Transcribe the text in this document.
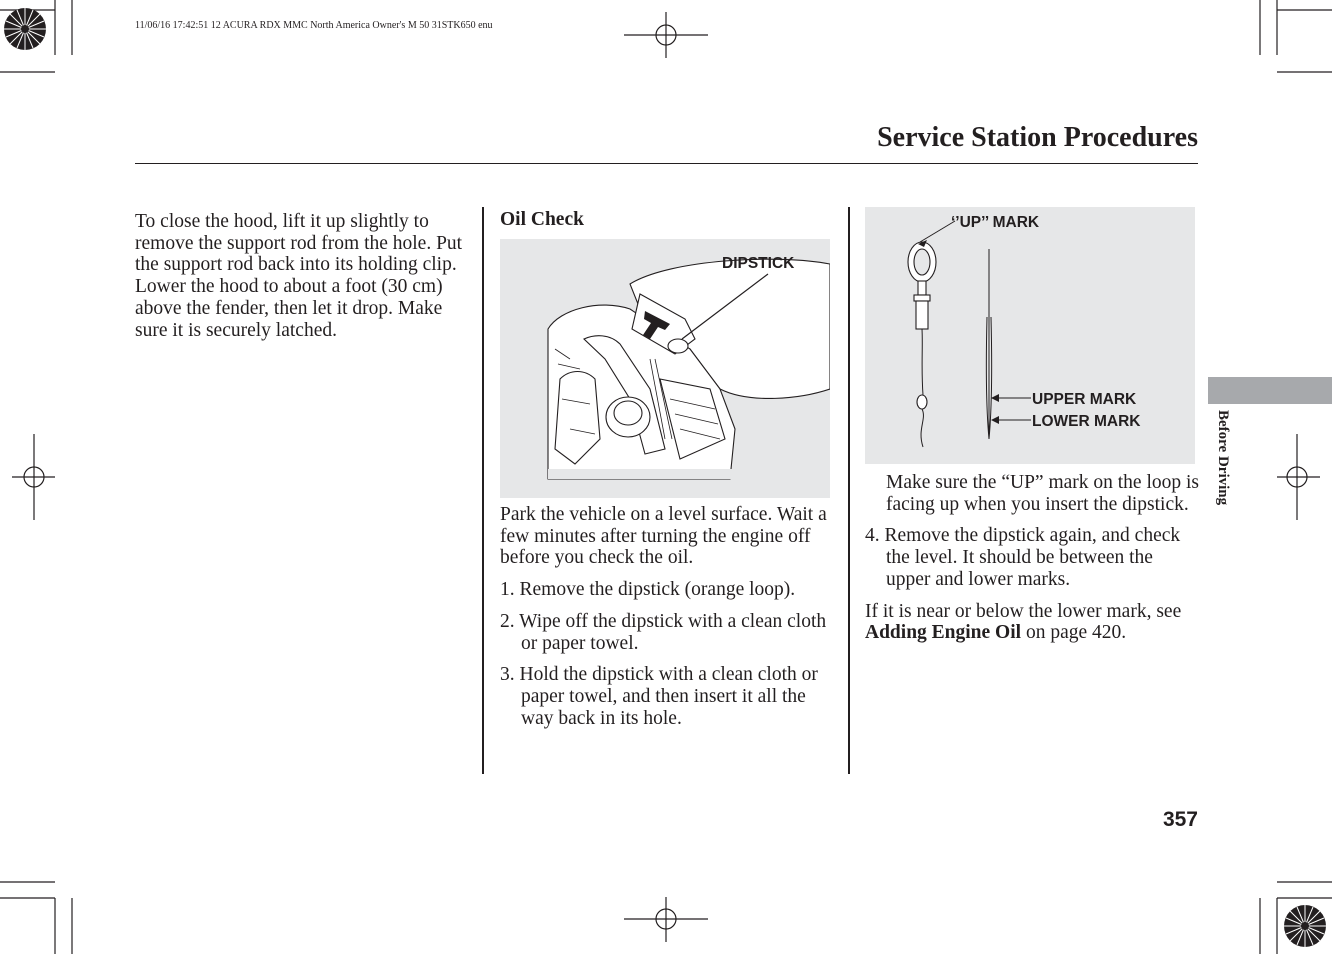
11/06/16 17:42:51 12 ACURA RDX MMC North America Owner's M 50 31STK650 enu
Service Station Procedures

To close the hood, lift it up slightly to remove the support rod from the hole. Put the support rod back into its holding clip. Lower the hood to about a foot (30 cm) above the fender, then let it drop. Make sure it is securely latched.

Oil Check

DIPSTICK

Park the vehicle on a level surface. Wait a few minutes after turning the engine off before you check the oil.

1. Remove the dipstick (orange loop).

2. Wipe off the dipstick with a clean cloth or paper towel.

3. Hold the dipstick with a clean cloth or paper towel, and then insert it all the way back in its hole.

‘’UP’’ MARK
UPPER MARK
LOWER MARK

Make sure the “UP” mark on the loop is facing up when you insert the dipstick.

4. Remove the dipstick again, and check the level. It should be between the upper and lower marks.

If it is near or below the lower mark, see Adding Engine Oil on page 420.

Before Driving
357
